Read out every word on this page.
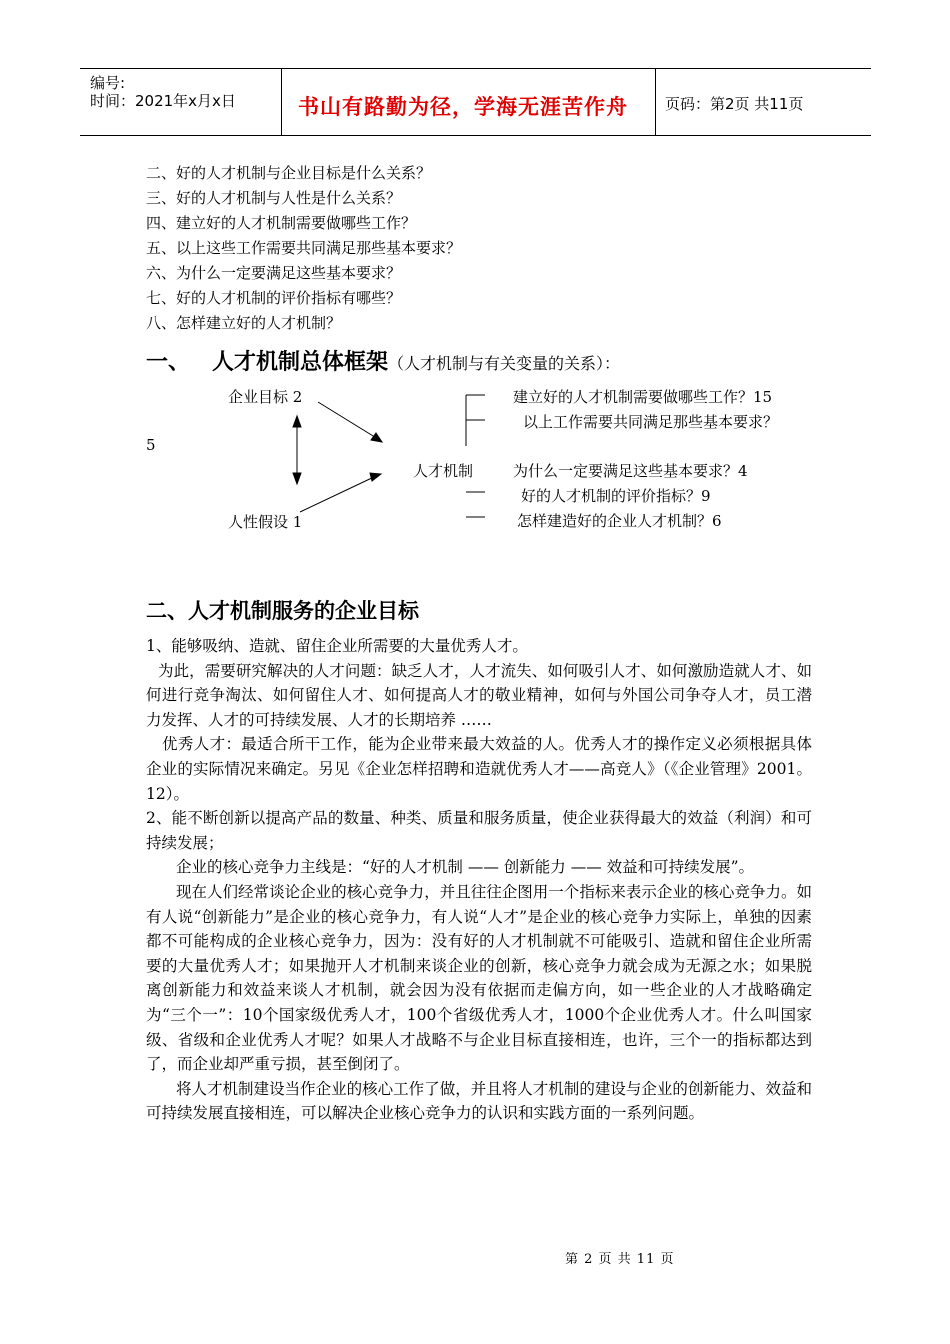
编号:
时间：2021年x月x日	书山有路勤为径，学海无涯苦作舟 页码：第2页 共11页
二、好的人才机制与企业目标是什么关系？
三、好的人才机制与人性是什么关系？
四、建立好的人才机制需要做哪些工作？
五、以上这些工作需要共同满足那些基本要求？
六、为什么一定要满足这些基本要求？
七、好的人才机制的评价指标有哪些？
八、怎样建立好的人才机制？
一、 人才机制总体框架（人才机制与有关变量的关系）：
企业目标 2
5
人性假设 1
人才机制
建立好的人才机制需要做哪些工作？15
以上工作需要共同满足那些基本要求？
为什么一定要满足这些基本要求？4
好的人才机制的评价指标？9
怎样建造好的企业人才机制？6
二、人才机制服务的企业目标

1、能够吸纳、造就、留住企业所需要的大量优秀人才。

为此，需要研究解决的人才问题：缺乏人才，人才流失、如何吸引人才、如何激励造就人才、如何进行竞争淘汰、如何留住人才、如何提高人才的敬业精神，如何与外国公司争夺人才，员工潜力发挥、人才的可持续发展、人才的长期培养 ……

优秀人才：最适合所干工作，能为企业带来最大效益的人。优秀人才的操作定义必须根据具体企业的实际情况来确定。另见《企业怎样招聘和造就优秀人才——高竞人》（《企业管理》2001。12）。

2、能不断创新以提高产品的数量、种类、质量和服务质量，使企业获得最大的效益（利润）和可持续发展；

企业的核心竞争力主线是：“好的人才机制 —— 创新能力 —— 效益和可持续发展”。

现在人们经常谈论企业的核心竞争力，并且往往企图用一个指标来表示企业的核心竞争力。如有人说“创新能力”是企业的核心竞争力，有人说“人才”是企业的核心竞争力实际上，单独的因素都不可能构成的企业核心竞争力，因为：没有好的人才机制就不可能吸引、造就和留住企业所需要的大量优秀人才；如果抛开人才机制来谈企业的创新，核心竞争力就会成为无源之水；如果脱离创新能力和效益来谈人才机制，就会因为没有依据而走偏方向，如一些企业的人才战略确定为“三个一”：10个国家级优秀人才，100个省级优秀人才，1000个企业优秀人才。什么叫国家级、省级和企业优秀人才呢？如果人才战略不与企业目标直接相连，也许，三个一的指标都达到了，而企业却严重亏损，甚至倒闭了。

将人才机制建设当作企业的核心工作了做，并且将人才机制的建设与企业的创新能力、效益和可持续发展直接相连，可以解决企业核心竞争力的认识和实践方面的一系列问题。

第 2 页 共 11 页
